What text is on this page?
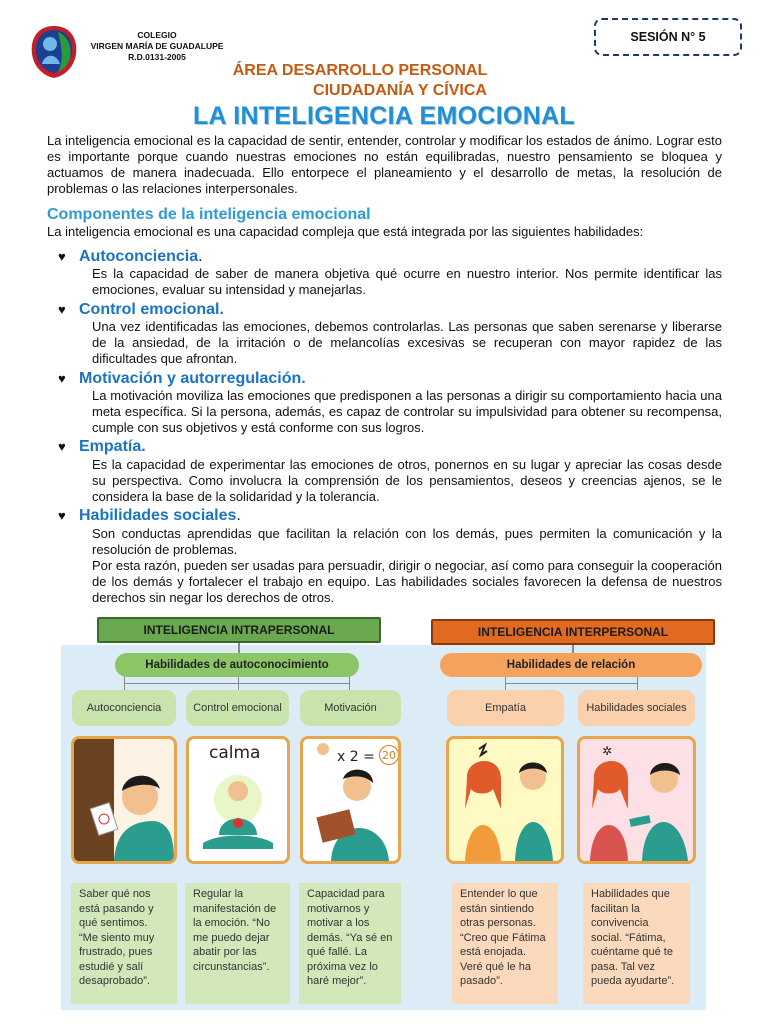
COLEGIO
VIRGEN MARÍA DE GUADALUPE
R.D.0131-2005
SESIÓN N° 5
ÁREA DESARROLLO PERSONAL
CIUDADANÍA Y CÍVICA
LA INTELIGENCIA EMOCIONAL
La inteligencia emocional es la capacidad de sentir, entender, controlar y modificar los estados de ánimo. Lograr esto es importante porque cuando nuestras emociones no están equilibradas, nuestro pensamiento se bloquea y actuamos de manera inadecuada. Ello entorpece el planeamiento y el desarrollo de metas, la resolución de problemas o las relaciones interpersonales.
Componentes de la inteligencia emocional
La inteligencia emocional es una capacidad compleja que está integrada por las siguientes habilidades:
♥ Autoconciencia.
Es la capacidad de saber de manera objetiva qué ocurre en nuestro interior. Nos permite identificar las emociones, evaluar su intensidad y manejarlas.
♥ Control emocional.
Una vez identificadas las emociones, debemos controlarlas. Las personas que saben serenarse y liberarse de la ansiedad, de la irritación o de melancolías excesivas se recuperan con mayor rapidez de las dificultades que afrontan.
♥ Motivación y autorregulación.
La motivación moviliza las emociones que predisponen a las personas a dirigir su comportamiento hacia una meta específica. Si la persona, además, es capaz de controlar su impulsividad para obtener su recompensa, cumple con sus objetivos y está conforme con sus logros.
♥ Empatía.
Es la capacidad de experimentar las emociones de otros, ponernos en su lugar y apreciar las cosas desde su perspectiva. Como involucra la comprensión de los pensamientos, deseos y creencias ajenos, se le considera la base de la solidaridad y la tolerancia.
♥ Habilidades sociales.
Son conductas aprendidas que facilitan la relación con los demás, pues permiten la comunicación y la resolución de problemas.
Por esta razón, pueden ser usadas para persuadir, dirigir o negociar, así como para conseguir la cooperación de los demás y fortalecer el trabajo en equipo. Las habilidades sociales favorecen la defensa de nuestros derechos sin negar los derechos de otros.
INTELIGENCIA INTRAPERSONAL	INTELIGENCIA INTERPERSONAL
Habilidades de autoconocimiento	Habilidades de relación
Autoconciencia	Control emocional	Motivación	Empatía	Habilidades sociales
calma	x 2 = 20	✲
Saber qué nos está pasando y qué sentimos. “Me siento muy frustrado, pues estudié y salí desaprobado”.
Regular la manifestación de la emoción. “No me puedo dejar abatir por las circunstancias”.
Capacidad para motivarnos y motivar a los demás. “Ya sé en qué fallé. La próxima vez lo haré mejor”.
Entender lo que están sintiendo otras personas. “Creo que Fátima está enojada. Veré qué le ha pasado”.
Habilidades que facilitan la convivencia social. “Fátima, cuéntame qué te pasa. Tal vez pueda ayudarte”.
